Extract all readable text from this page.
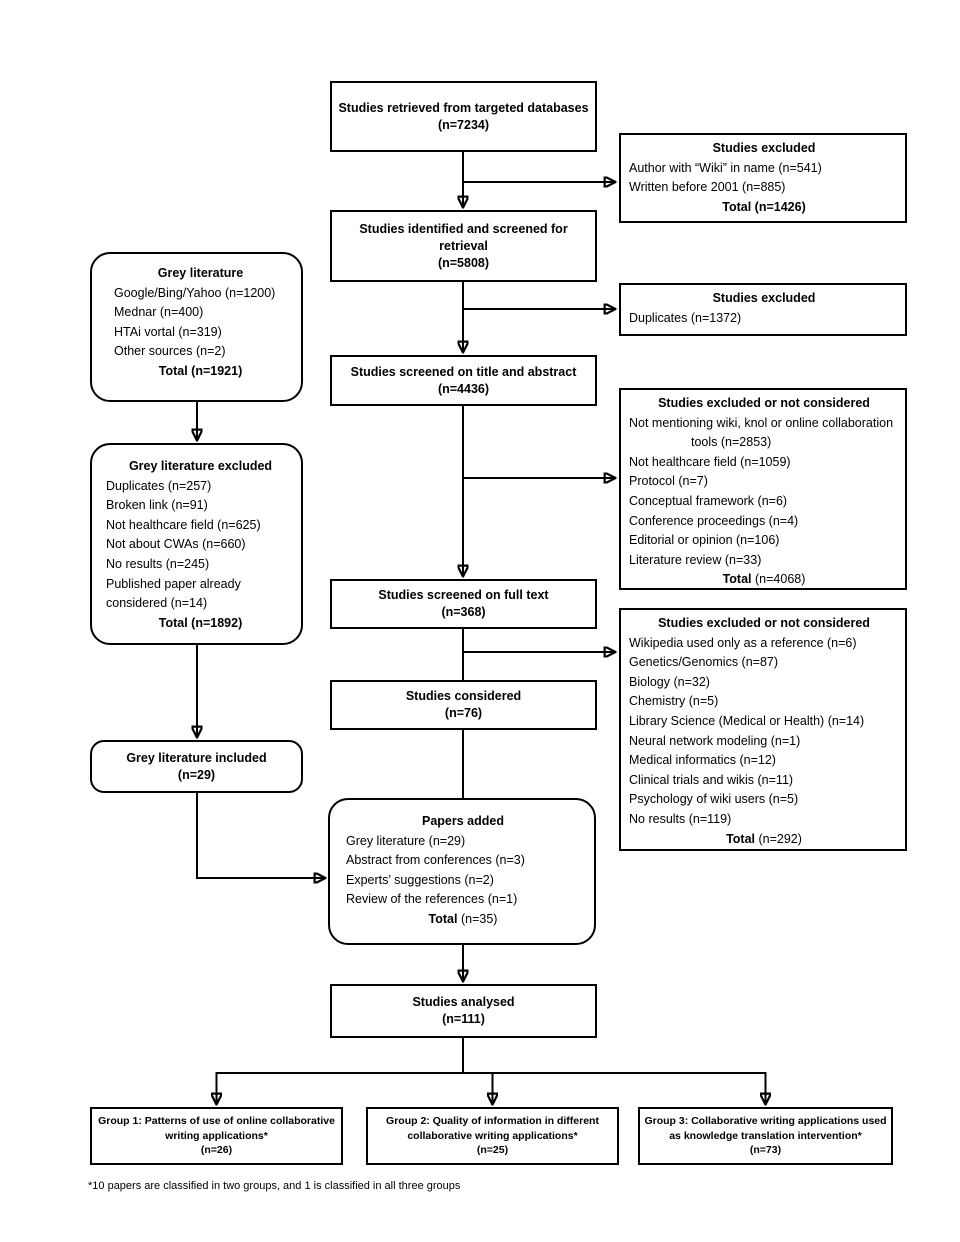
Studies retrieved from targeted databases
(n=7234)
Studies identified and screened for retrieval
(n=5808)
Studies screened on title and abstract
(n=4436)
Studies screened on full text
(n=368)
Studies considered
(n=76)
Papers added
Grey literature (n=29)
Abstract from conferences (n=3)
Experts’ suggestions (n=2)
Review of the references (n=1)
Total (n=35)
Studies analysed
(n=111)
Studies excluded
Author with “Wiki” in name (n=541)
Written before 2001 (n=885)
Total (n=1426)
Studies excluded
Duplicates (n=1372)
Studies excluded or not considered
Not mentioning wiki, knol or online collaboration tools (n=2853)
Not healthcare field (n=1059)
Protocol (n=7)
Conceptual framework (n=6)
Conference proceedings (n=4)
Editorial or opinion (n=106)
Literature review (n=33)
Total (n=4068)
Studies excluded or not considered
Wikipedia used only as a reference (n=6)
Genetics/Genomics (n=87)
Biology (n=32)
Chemistry (n=5)
Library Science (Medical or Health) (n=14)
Neural network modeling (n=1)
Medical informatics (n=12)
Clinical trials and wikis (n=11)
Psychology of wiki users (n=5)
No results (n=119)
Total (n=292)
Grey literature
Google/Bing/Yahoo (n=1200)
Mednar (n=400)
HTAi vortal (n=319)
Other sources (n=2)
Total (n=1921)
Grey literature excluded
Duplicates (n=257)
Broken link (n=91)
Not healthcare field (n=625)
Not about CWAs (n=660)
No results (n=245)
Published paper already considered (n=14)
Total (n=1892)
Grey literature included
(n=29)
Group 1: Patterns of use of online collaborative writing applications*
(n=26)
Group 2: Quality of information in different collaborative writing applications*
(n=25)
Group 3: Collaborative writing applications used as knowledge translation intervention*
(n=73)
*10 papers are classified in two groups, and 1 is classified in all three groups
